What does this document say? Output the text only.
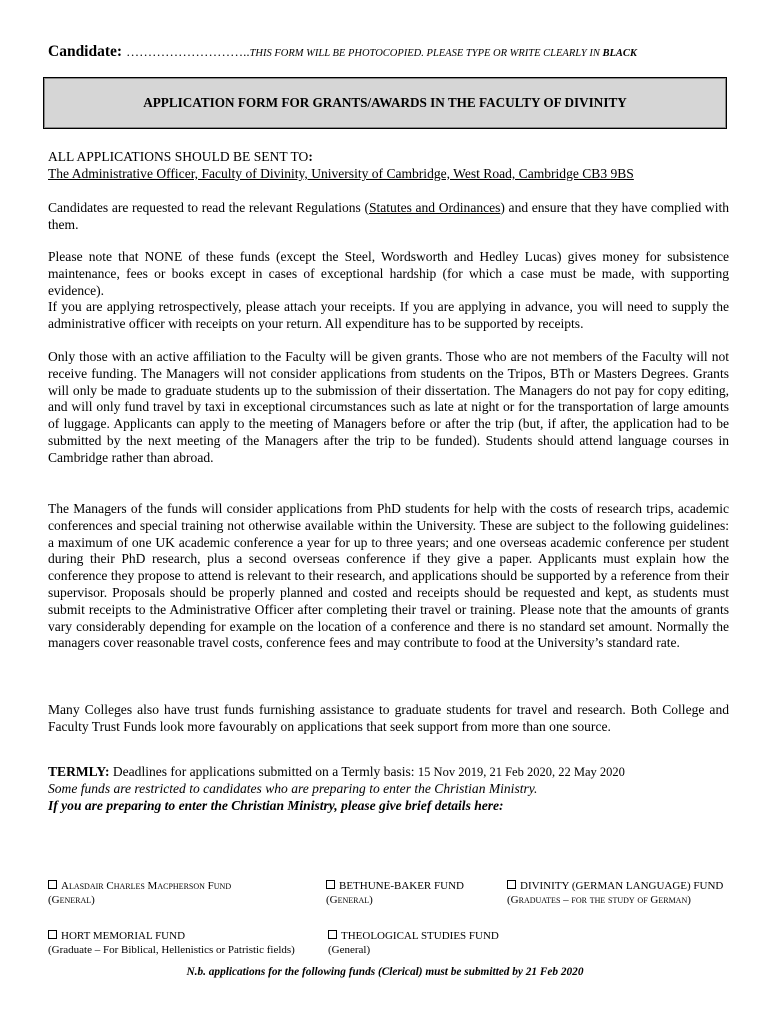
Candidate: ………………………..THIS FORM WILL BE PHOTOCOPIED. PLEASE TYPE OR WRITE CLEARLY IN BLACK
APPLICATION FORM FOR GRANTS/AWARDS IN THE FACULTY OF DIVINITY

ALL APPLICATIONS SHOULD BE SENT TO:

The Administrative Officer, Faculty of Divinity, University of Cambridge, West Road, Cambridge CB3 9BS

Candidates are requested to read the relevant Regulations (Statutes and Ordinances) and ensure that they have complied with them.

Please note that NONE of these funds (except the Steel, Wordsworth and Hedley Lucas) gives money for subsistence maintenance, fees or books except in cases of exceptional hardship (for which a case must be made, with supporting evidence).

If you are applying retrospectively, please attach your receipts. If you are applying in advance, you will need to supply the administrative officer with receipts on your return. All expenditure has to be supported by receipts.

Only those with an active affiliation to the Faculty will be given grants. Those who are not members of the Faculty will not receive funding. The Managers will not consider applications from students on the Tripos, BTh or Masters Degrees. Grants will only be made to graduate students up to the submission of their dissertation. The Managers do not pay for copy editing, and will only fund travel by taxi in exceptional circumstances such as late at night or for the transportation of large amounts of luggage. Applicants can apply to the meeting of Managers before or after the trip (but, if after, the application had to be submitted by the next meeting of the Managers after the trip to be funded). Students should attend language courses in Cambridge rather than abroad.

The Managers of the funds will consider applications from PhD students for help with the costs of research trips, academic conferences and special training not otherwise available within the University. These are subject to the following guidelines: a maximum of one UK academic conference a year for up to three years; and one overseas academic conference per student during their PhD research, plus a second overseas conference if they give a paper. Applicants must explain how the conference they propose to attend is relevant to their research, and applications should be supported by a reference from their supervisor. Proposals should be properly planned and costed and receipts should be requested and kept, as students must submit receipts to the Administrative Officer after completing their travel or training. Please note that the amounts of grants vary considerably depending for example on the location of a conference and there is no standard set amount. Normally the managers cover reasonable travel costs, conference fees and may contribute to food at the University’s standard rate.

Many Colleges also have trust funds furnishing assistance to graduate students for travel and research. Both College and Faculty Trust Funds look more favourably on applications that seek support from more than one source.

TERMLY: Deadlines for applications submitted on a Termly basis: 15 Nov 2019, 21 Feb 2020, 22 May 2020

Some funds are restricted to candidates who are preparing to enter the Christian Ministry.

If you are preparing to enter the Christian Ministry, please give brief details here:

Alasdair Charles Macpherson Fund
(General)
BETHUNE-BAKER FUND
(General)
DIVINITY (GERMAN LANGUAGE) FUND
(Graduates – for the study of German)
HORT MEMORIAL FUND
(Graduate – For Biblical, Hellenistics or Patristic fields)
THEOLOGICAL STUDIES FUND
(General)
N.b. applications for the following funds (Clerical) must be submitted by 21 Feb 2020
